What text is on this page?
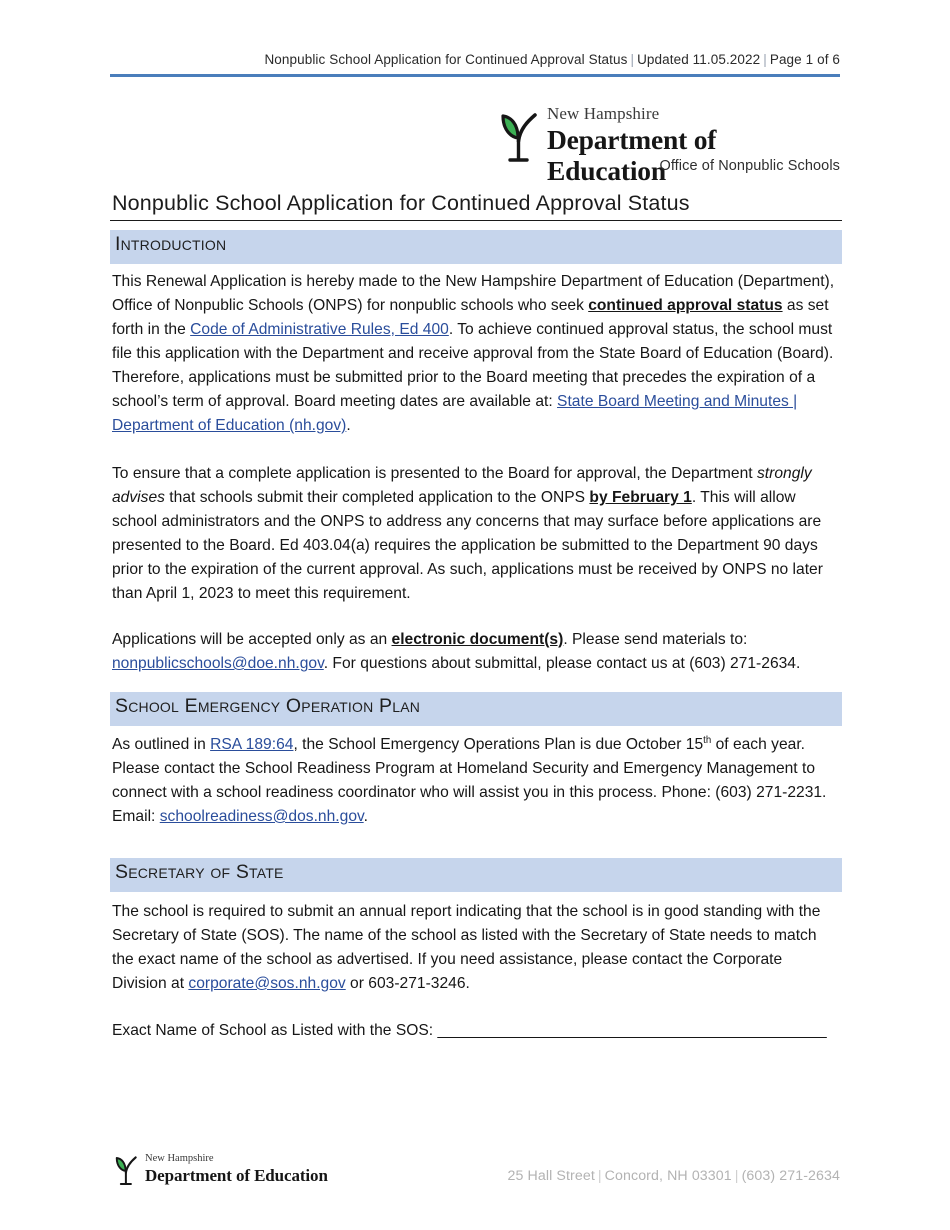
Nonpublic School Application for Continued Approval Status | Updated 11.05.2022 | Page 1 of 6
New Hampshire
Department of Education
Office of Nonpublic Schools
Nonpublic School Application for Continued Approval Status
Introduction
This Renewal Application is hereby made to the New Hampshire Department of Education (Department), Office of Nonpublic Schools (ONPS) for nonpublic schools who seek continued approval status as set forth in the Code of Administrative Rules, Ed 400. To achieve continued approval status, the school must file this application with the Department and receive approval from the State Board of Education (Board). Therefore, applications must be submitted prior to the Board meeting that precedes the expiration of a school’s term of approval. Board meeting dates are available at: State Board Meeting and Minutes | Department of Education (nh.gov).
To ensure that a complete application is presented to the Board for approval, the Department strongly advises that schools submit their completed application to the ONPS by February 1. This will allow school administrators and the ONPS to address any concerns that may surface before applications are presented to the Board. Ed 403.04(a) requires the application be submitted to the Department 90 days prior to the expiration of the current approval. As such, applications must be received by ONPS no later than April 1, 2023 to meet this requirement.
Applications will be accepted only as an electronic document(s). Please send materials to: nonpublicschools@doe.nh.gov. For questions about submittal, please contact us at (603) 271-2634.
School Emergency Operation Plan
As outlined in RSA 189:64, the School Emergency Operations Plan is due October 15th of each year. Please contact the School Readiness Program at Homeland Security and Emergency Management to connect with a school readiness coordinator who will assist you in this process. Phone: (603) 271-2231. Email: schoolreadiness@dos.nh.gov.
Secretary of State
The school is required to submit an annual report indicating that the school is in good standing with the Secretary of State (SOS). The name of the school as listed with the Secretary of State needs to match the exact name of the school as advertised. If you need assistance, please contact the Corporate Division at corporate@sos.nh.gov or 603-271-3246.
Exact Name of School as Listed with the SOS: _______________________________________________
New Hampshire
Department of Education	25 Hall Street | Concord, NH 03301 | (603) 271-2634
